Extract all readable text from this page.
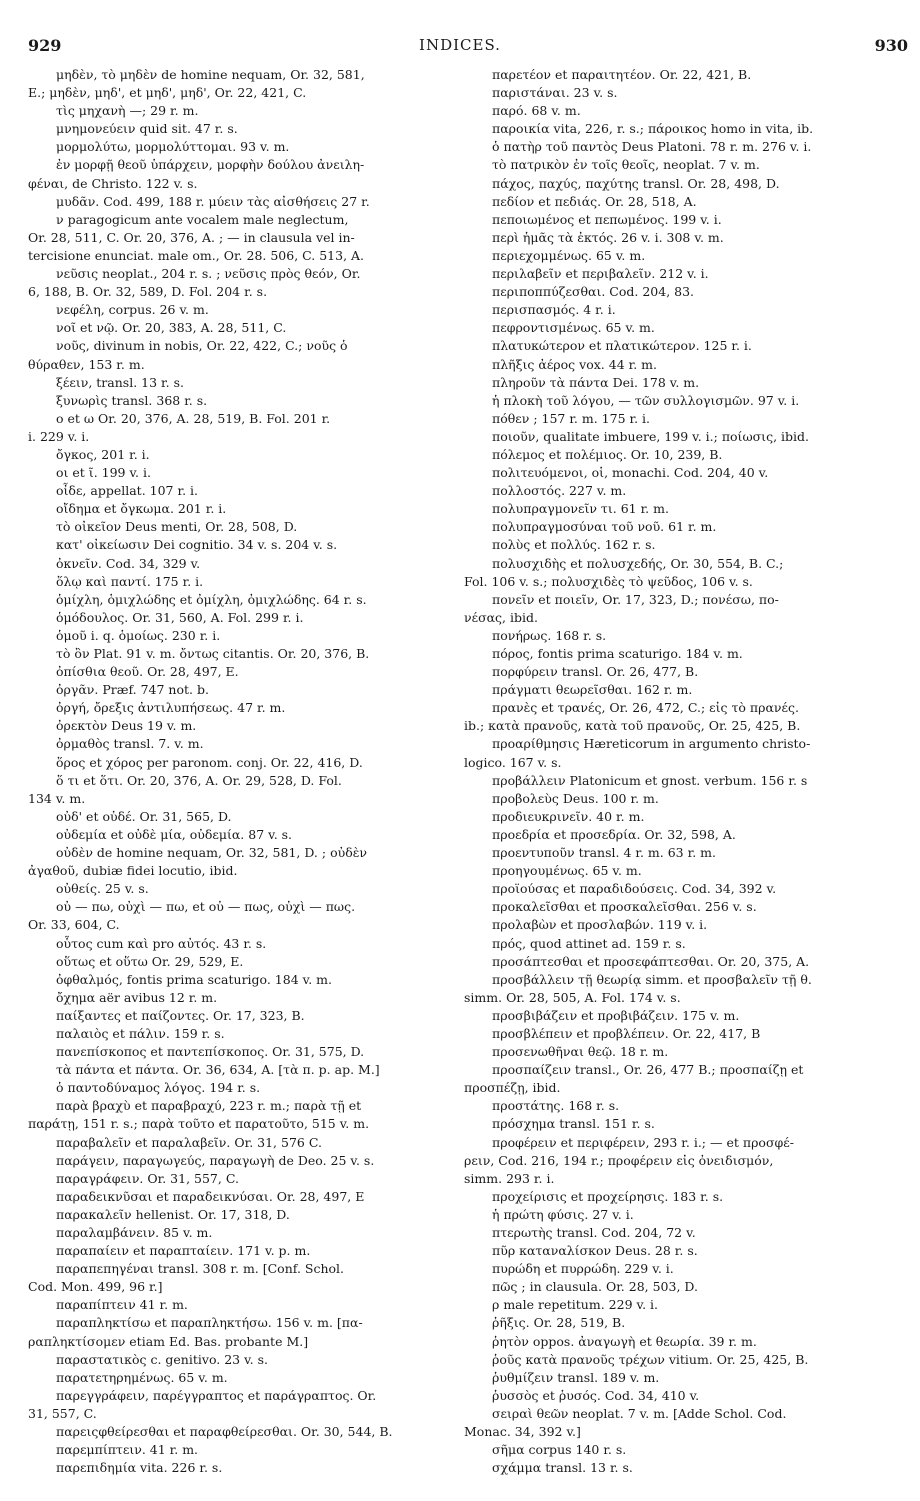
929	INDICES.	930
μηδὲν, τὸ μηδὲν de homine nequam, Or. 32, 581,
E.; μηδὲν, μηδ', et μηδ', μηδ', Or. 22, 421, C.
τὶς μηχανὴ —; 29 r. m.
μνημονεύειν quid sit. 47 r. s.
μορμολύτω, μορμολύττομαι. 93 v. m.
ἐν μορφῇ θεοῦ ὑπάρχειν, μορφὴν δούλου ἀνειλη-
φέναι, de Christo. 122 v. s.
μυδᾶν. Cod. 499, 188 r. μύειν τὰς αἰσθήσεις 27 r.
ν paragogicum ante vocalem male neglectum,
Or. 28, 511, C. Or. 20, 376, A. ; — in clausula vel in-
tercisione enunciat. male om., Or. 28. 506, C. 513, A.
νεῦσις neoplat., 204 r. s. ; νεῦσις πρὸς θεόν, Or.
6, 188, B. Or. 32, 589, D. Fol. 204 r. s.
νεφέλη, corpus. 26 v. m.
νοῖ et νῷ. Or. 20, 383, A. 28, 511, C.
νοῦς, divinum in nobis, Or. 22, 422, C.; νοῦς ὁ
θύραθεν, 153 r. m.
ξέειν, transl. 13 r. s.
ξυνωρὶς transl. 368 r. s.
ο et ω Or. 20, 376, A. 28, 519, B. Fol. 201 r.
i. 229 v. i.
ὄγκος, 201 r. i.
οι et ῖ. 199 v. i.
οἶδε, appellat. 107 r. i.
οἴδημα et ὄγκωμα. 201 r. i.
τὸ οἰκεῖον Deus menti, Or. 28, 508, D.
κατ' οἰκείωσιν Dei cognitio. 34 v. s. 204 v. s.
ὀκνεῖν. Cod. 34, 329 v.
ὅλῳ καὶ παντί. 175 r. i.
ὁμίχλη, ὁμιχλώδης et ὀμίχλη, ὀμιχλώδης. 64 r. s.
ὁμόδουλος. Or. 31, 560, A. Fol. 299 r. i.
ὁμοῦ i. q. ὁμοίως. 230 r. i.
τὸ ὂν Plat. 91 v. m. ὄντως citantis. Or. 20, 376, B.
ὀπίσθια θεοῦ. Or. 28, 497, E.
ὀργᾶν. Præf. 747 not. b.
ὀργή, ὄρεξις ἀντιλυπήσεως. 47 r. m.
ὀρεκτὸν Deus 19 v. m.
ὀρμαθὸς transl. 7. v. m.
ὅρος et χόρος per paronom. conj. Or. 22, 416, D.
ὅ τι et ὅτι. Or. 20, 376, A. Or. 29, 528, D. Fol.
134 v. m.
οὐδ' et οὐδέ. Or. 31, 565, D.
οὐδεμία et οὐδὲ μία, οὐδεμία. 87 v. s.
οὐδὲν de homine nequam, Or. 32, 581, D. ; οὐδὲν
ἀγαθοῦ, dubiæ fidei locutio, ibid.
οὐθείς. 25 v. s.
οὐ — πω, οὐχὶ — πω, et οὐ — πως, οὐχὶ — πως.
Or. 33, 604, C.
οὗτος cum καὶ pro αὐτός. 43 r. s.
οὕτως et οὕτω Or. 29, 529, E.
ὀφθαλμός, fontis prima scaturigo. 184 v. m.
ὄχημα aër avibus 12 r. m.
παίξαντες et παίζοντες. Or. 17, 323, B.
παλαιὸς et πάλιν. 159 r. s.
πανεπίσκοπος et παντεπίσκοπος. Or. 31, 575, D.
τὰ πάντα et πάντα. Or. 36, 634, A. [τὰ π. p. ap. M.]
ὁ παντοδύναμος λόγος. 194 r. s.
παρὰ βραχὺ et παραβραχύ, 223 r. m.; παρὰ τῇ et
παράτῃ, 151 r. s.; παρὰ τοῦτο et παρατοῦτο, 515 v. m.
παραβαλεῖν et παραλαβεῖν. Or. 31, 576 C.
παράγειν, παραγωγεύς, παραγωγὴ de Deo. 25 v. s.
παραγράφειν. Or. 31, 557, C.
παραδεικνῦσαι et παραδεικνύσαι. Or. 28, 497, E
παρακαλεῖν hellenist. Or. 17, 318, D.
παραλαμβάνειν. 85 v. m.
παραπαίειν et παραπταίειν. 171 v. p. m.
παραπεπηγέναι transl. 308 r. m. [Conf. Schol.
Cod. Mon. 499, 96 r.]
παραπίπτειν 41 r. m.
παραπληκτίσω et παραπληκτήσω. 156 v. m. [πα-
ραπληκτίσομεν etiam Ed. Bas. probante M.]
παραστατικὸς c. genitivo. 23 v. s.
παρατετηρημένως. 65 v. m.
παρεγγράφειν, παρέγγραπτος et παράγραπτος. Or.
31, 557, C.
παρειςφθείρεσθαι et παραφθείρεσθαι. Or. 30, 544, B.
παρεμπίπτειν. 41 r. m.
παρεπιδημία vita. 226 r. s.
παρετέον et παραιτητέον. Or. 22, 421, B.
παριστάναι. 23 v. s.
παρό. 68 v. m.
παροικία vita, 226, r. s.; πάροικος homo in vita, ib.
ὁ πατὴρ τοῦ παντὸς Deus Platoni. 78 r. m. 276 v. i.
τὸ πατρικὸν ἐν τοῖς θεοῖς, neoplat. 7 v. m.
πάχος, παχύς, παχύτης transl. Or. 28, 498, D.
πεδίον et πεδιάς. Or. 28, 518, A.
πεποιωμένος et πεπωμένος. 199 v. i.
περὶ ἡμᾶς τὰ ἐκτός. 26 v. i. 308 v. m.
περιεχομμένως. 65 v. m.
περιλαβεῖν et περιβαλεῖν. 212 v. i.
περιποππύζεσθαι. Cod. 204, 83.
περισπασμός. 4 r. i.
πεφροντισμένως. 65 v. m.
πλατυκώτερον et πλατικώτερον. 125 r. i.
πλῆξις ἀέρος vox. 44 r. m.
πληροῦν τὰ πάντα Dei. 178 v. m.
ἡ πλοκὴ τοῦ λόγου, — τῶν συλλογισμῶν. 97 v. i.
πόθεν ; 157 r. m. 175 r. i.
ποιοῦν, qualitate imbuere, 199 v. i.; ποίωσις, ibid.
πόλεμος et πολέμιος. Or. 10, 239, B.
πολιτευόμενοι, οἱ, monachi. Cod. 204, 40 v.
πολλοστός. 227 v. m.
πολυπραγμονεῖν τι. 61 r. m.
πολυπραγμοσύναι τοῦ νοῦ. 61 r. m.
πολὺς et πολλύς. 162 r. s.
πολυσχιδὴς et πολυσχεδής, Or. 30, 554, B. C.;
Fol. 106 v. s.; πολυσχιδὲς τὸ ψεῦδος, 106 v. s.
πονεῖν et ποιεῖν, Or. 17, 323, D.; πονέσω, πο-
νέσας, ibid.
πονήρως. 168 r. s.
πόρος, fontis prima scaturigo. 184 v. m.
πορφύρειν transl. Or. 26, 477, B.
πράγματι θεωρεῖσθαι. 162 r. m.
πρανὲς et τρανές, Or. 26, 472, C.; εἰς τὸ πρανές.
ib.; κατὰ πρανοῦς, κατὰ τοῦ πρανοῦς, Or. 25, 425, B.
προαρίθμησις Hæreticorum in argumento christo-
logico. 167 v. s.
προβάλλειν Platonicum et gnost. verbum. 156 r. s
προβολεὺς Deus. 100 r. m.
προδιευκρινεῖν. 40 r. m.
προεδρία et προσεδρία. Or. 32, 598, A.
προεντυποῦν transl. 4 r. m. 63 r. m.
προηγουμένως. 65 v. m.
προϊούσας et παραδιδούσεις. Cod. 34, 392 v.
προκαλεῖσθαι et προσκαλεῖσθαι. 256 v. s.
προλαβὼν et προσλαβών. 119 v. i.
πρός, quod attinet ad. 159 r. s.
προσάπτεσθαι et προσεφάπτεσθαι. Or. 20, 375, A.
προσβάλλειν τῇ θεωρίᾳ simm. et προσβαλεῖν τῇ θ.
simm. Or. 28, 505, A. Fol. 174 v. s.
προσβιβάζειν et προβιβάζειν. 175 v. m.
προσβλέπειν et προβλέπειν. Or. 22, 417, B
προσενωθῆναι θεῷ. 18 r. m.
προσπαίζειν transl., Or. 26, 477 B.; προσπαίζῃ et
προσπέζῃ, ibid.
προστάτης. 168 r. s.
πρόσχημα transl. 151 r. s.
προφέρειν et περιφέρειν, 293 r. i.; — et προσφέ-
ρειν, Cod. 216, 194 r.; προφέρειν εἰς ὀνειδισμόν,
simm. 293 r. i.
προχείρισις et προχείρησις. 183 r. s.
ἡ πρώτη φύσις. 27 v. i.
πτερωτὴς transl. Cod. 204, 72 v.
πῦρ καταναλίσκον Deus. 28 r. s.
πυρώδη et πυρρώδη. 229 v. i.
πῶς ; in clausula. Or. 28, 503, D.
ρ male repetitum. 229 v. i.
ῥῆξις. Or. 28, 519, B.
ῥητὸν oppos. ἀναγωγὴ et θεωρία. 39 r. m.
ῥοῦς κατὰ πρανοῦς τρέχων vitium. Or. 25, 425, B.
ῥυθμίζειν transl. 189 v. m.
ῥυσσὸς et ῥυσός. Cod. 34, 410 v.
σειραὶ θεῶν neoplat. 7 v. m. [Adde Schol. Cod.
Monac. 34, 392 v.]
σῆμα corpus 140 r. s.
σχάμμα transl. 13 r. s.
